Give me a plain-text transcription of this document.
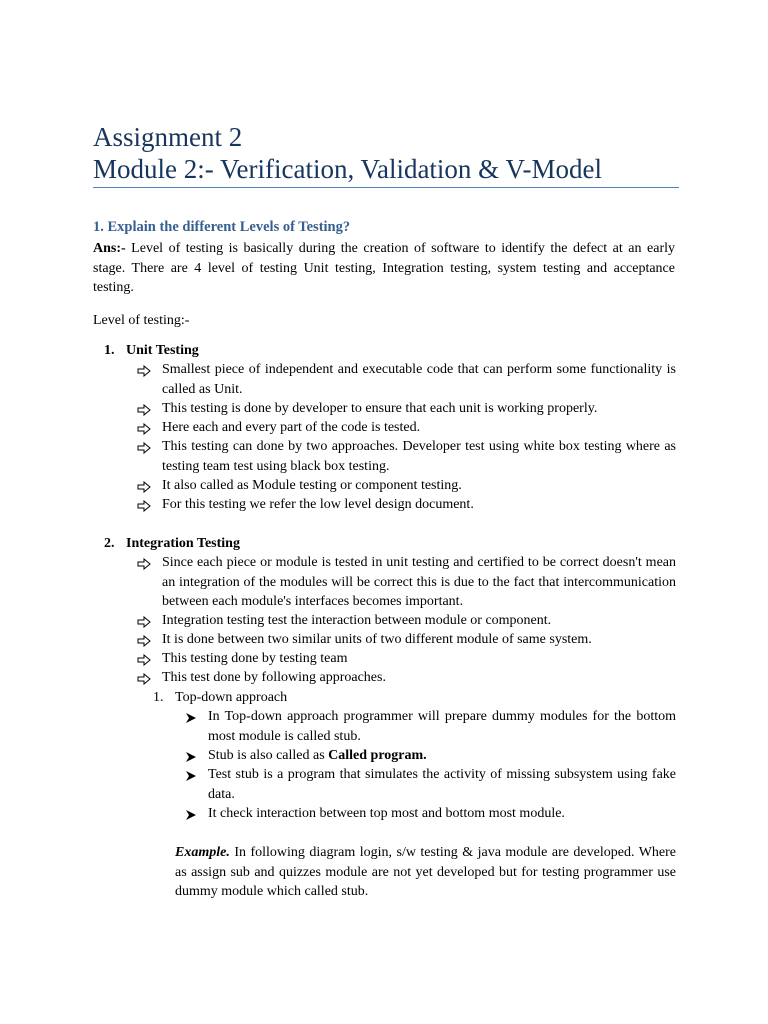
Assignment 2
Module 2:- Verification, Validation & V-Model
1. Explain the different Levels of Testing?
Ans:- Level of testing is basically during the creation of software to identify the defect at an early stage. There are 4 level of testing Unit testing, Integration testing, system testing and acceptance testing.
Level of testing:-
1. Unit Testing
Smallest piece of independent and executable code that can perform some functionality is called as Unit.
This testing is done by developer to ensure that each unit is working properly.
Here each and every part of the code is tested.
This testing can done by two approaches. Developer test using white box testing where as testing team test using black box testing.
It also called as Module testing or component testing.
For this testing we refer the low level design document.
2. Integration Testing
Since each piece or module is tested in unit testing and certified to be correct doesn't mean an integration of the modules will be correct this is due to the fact that intercommunication between each module's interfaces becomes important.
Integration testing test the interaction between module or component.
It is done between two similar units of two different module of same system.
This testing done by testing team
This test done by following approaches.
1. Top-down approach
In Top-down approach programmer will prepare dummy modules for the bottom most module is called stub.
Stub is also called as Called program.
Test stub is a program that simulates the activity of missing subsystem using fake data.
It check interaction between top most and bottom most module.
Example. In following diagram login, s/w testing & java module are developed. Where as assign sub and quizzes module are not yet developed but for testing programmer use dummy module which called stub.
